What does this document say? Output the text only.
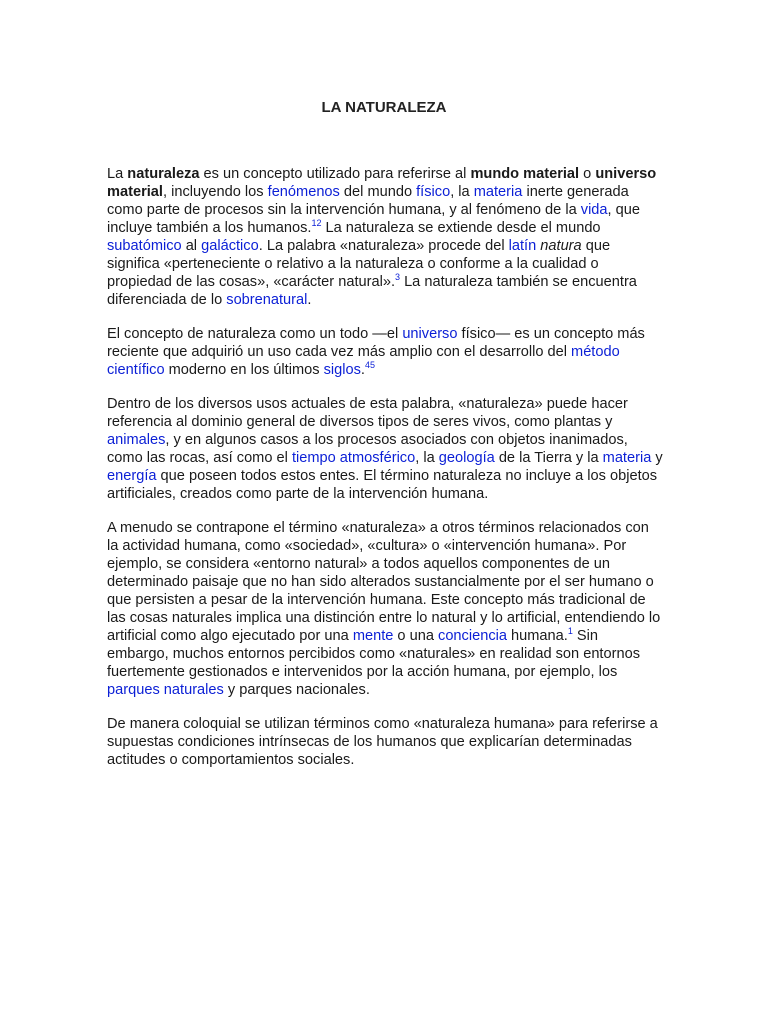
LA NATURALEZA

La naturaleza es un concepto utilizado para referirse al mundo material o universo material, incluyendo los fenómenos del mundo físico, la materia inerte generada como parte de procesos sin la intervención humana, y al fenómeno de la vida, que incluye también a los humanos.$^{12}$ La naturaleza se extiende desde el mundo subatómico al galáctico. La palabra «naturaleza» procede del latín natura que significa «perteneciente o relativo a la naturaleza o conforme a la cualidad o propiedad de las cosas», «carácter natural».$^3$ La naturaleza también se encuentra diferenciada de lo sobrenatural.

El concepto de naturaleza como un todo —el universo físico— es un concepto más reciente que adquirió un uso cada vez más amplio con el desarrollo del método científico moderno en los últimos siglos.$^{45}$

Dentro de los diversos usos actuales de esta palabra, «naturaleza» puede hacer referencia al dominio general de diversos tipos de seres vivos, como plantas y animales, y en algunos casos a los procesos asociados con objetos inanimados, como las rocas, así como el tiempo atmosférico, la geología de la Tierra y la materia y energía que poseen todos estos entes. El término naturaleza no incluye a los objetos artificiales, creados como parte de la intervención humana.

A menudo se contrapone el término «naturaleza» a otros términos relacionados con la actividad humana, como «sociedad», «cultura» o «intervención humana». Por ejemplo, se considera «entorno natural» a todos aquellos componentes de un determinado paisaje que no han sido alterados sustancialmente por el ser humano o que persisten a pesar de la intervención humana. Este concepto más tradicional de las cosas naturales implica una distinción entre lo natural y lo artificial, entendiendo lo artificial como algo ejecutado por una mente o una conciencia humana.$^1$ Sin embargo, muchos entornos percibidos como «naturales» en realidad son entornos fuertemente gestionados e intervenidos por la acción humana, por ejemplo, los parques naturales y parques nacionales.

De manera coloquial se utilizan términos como «naturaleza humana» para referirse a supuestas condiciones intrínsecas de los humanos que explicarían determinadas actitudes o comportamientos sociales.
